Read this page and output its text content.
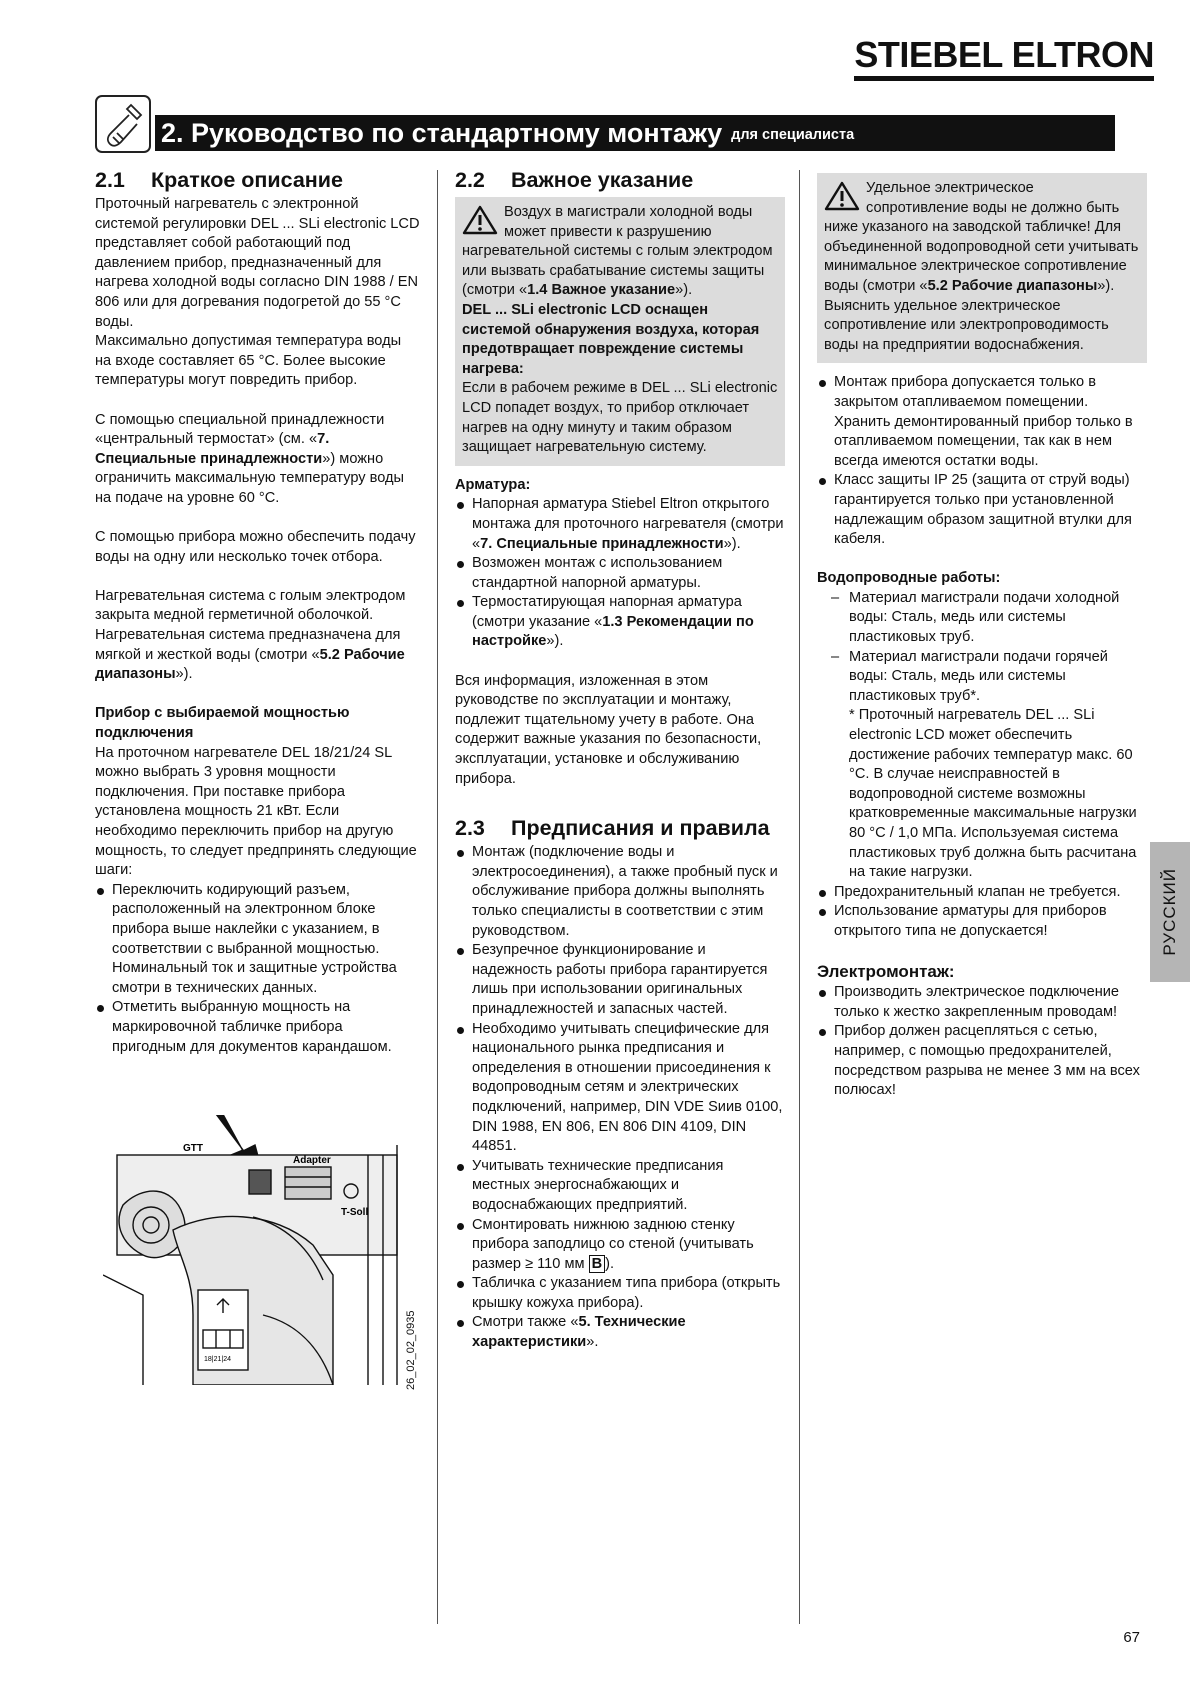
STIEBEL ELTRON
2. Руководство по стандартному монтажу для специалиста
2.1	Краткое описание

Проточный нагреватель с электронной системой регулировки DEL ... SLi electronic LCD представляет собой работающий под давлением прибор, предназначенный для нагрева холодной воды согласно DIN 1988 / EN 806 или для догревания подогретой до 55 °C воды.

Максимально допустимая температура воды на входе составляет 65 °C. Более высокие температуры могут повредить прибор.

С помощью специальной принадлежности «центральный термостат» (см. «7. Специальные принадлежности») можно ограничить максимальную температуру воды на подаче на уровне 60 °C.

С помощью прибора можно обеспечить подачу воды на одну или несколько точек отбора.

Нагревательная система с голым электродом закрыта медной герметичной оболочкой. Нагревательная система предназначена для мягкой и жесткой воды (смотри «5.2 Рабочие диапазоны»).

Прибор с выбираемой мощностью подключения

На проточном нагревателе DEL 18/21/24 SL можно выбрать 3 уровня мощности подключения. При поставке прибора установлена мощность 21 кВт. Если необходимо переключить прибор на другую мощность, то следует предпринять следующие шаги:

Переключить кодирующий разъем, расположенный на электронном блоке прибора выше наклейки с указанием, в соответствии с выбранной мощностью. Номинальный ток и защитные устройства смотри в технических данных.
Отметить выбранную мощность на маркировочной табличке прибора пригодным для документов карандашом.
Adapter
T-Soll
GTT
18|21|24	26_02_02_0935
2.2	Важное указание

Воздух в магистрали холодной воды может привести к разрушению нагревательной системы с голым электродом или вызвать срабатывание системы защиты (смотри «1.4 Важное указание»).

DEL ... SLi electronic LCD оснащен системой обнаружения воздуха, которая предотвращает повреждение системы нагрева:

Если в рабочем режиме в DEL ... SLi electronic LCD попадет воздух, то прибор отключает нагрев на одну минуту и таким образом защищает нагревательную систему.

Арматура:
Напорная арматура Stiebel Eltron открытого монтажа для проточного нагревателя (смотри «7. Специальные принадлежности»).
Возможен монтаж с использованием стандартной напорной арматуры.
Термостатирующая напорная арматура (смотри указание «1.3 Рекомендации по настройке»).

Вся информация, изложенная в этом руководстве по эксплуатации и монтажу, подлежит тщательному учету в работе. Она содержит важные указания по безопасности, эксплуатации, установке и обслуживанию прибора.

2.3	Предписания и правила
Монтаж (подключение воды и электросоединения), а также пробный пуск и обслуживание прибора должны выполнять только специалисты в соответствии с этим руководством.
Безупречное функционирование и надежность работы прибора гарантируется лишь при использовании оригинальных принадлежностей и запасных частей.
Необходимо учитывать специфические для национального рынка предписания и определения в отношении присоединения к водопроводным сетям и электрических подключений, например, DIN VDE Sᴎᴎʙ 0100, DIN 1988, EN 806, EN 806 DIN 4109, DIN 44851.
Учитывать технические предписания местных энергоснабжающих и водоснабжающих предприятий.
Смонтировать нижнюю заднюю стенку прибора заподлицо со стеной (учитывать размер ≥ 110 мм B ).
Табличка с указанием типа прибора (открыть крышку кожуха прибора).
Смотри также «5. Технические характеристики».

Удельное электрическое сопротивление воды не должно быть ниже указаного на заводской табличке! Для объединенной водопроводной сети учитывать минимальное электрическое сопротивление воды (смотри «5.2 Рабочие диапазоны»). Выяснить удельное электрическое сопротивление или электропроводимость воды на предприятии водоснабжения.

Монтаж прибора допускается только в закрытом отапливаемом помещении. Хранить демонтированный прибор только в отапливаемом помещении, так как в нем всегда имеются остатки воды.
Класс защиты IP 25 (защита от струй воды) гарантируется только при установленной надлежащим образом защитной втулки для кабеля.
Водопроводные работы:
– Материал магистрали подачи холодной воды: Сталь, медь или системы пластиковых труб.
– Материал магистрали подачи горячей воды: Сталь, медь или системы пластиковых труб*.

* Проточный нагреватель DEL ... SLi electronic LCD может обеспечить достижение рабочих температур макс. 60 °C. В случае неисправностей в водопроводной системе возможны кратковременные максимальные нагрузки 80 °C / 1,0 МПа. Используемая система пластиковых труб должна быть расчитана на такие нагрузки.

Предохранительный клапан не требуется.
Использование арматуры для приборов открытого типа не допускается!
Электромонтаж:
Производить электрическое подключение только к жестко закрепленным проводам!
Прибор должен расцепляться с сетью, например, с помощью предохранителей, посредством разрыва не менее 3 мм на всех полюсах!
РУССКИЙ
67
